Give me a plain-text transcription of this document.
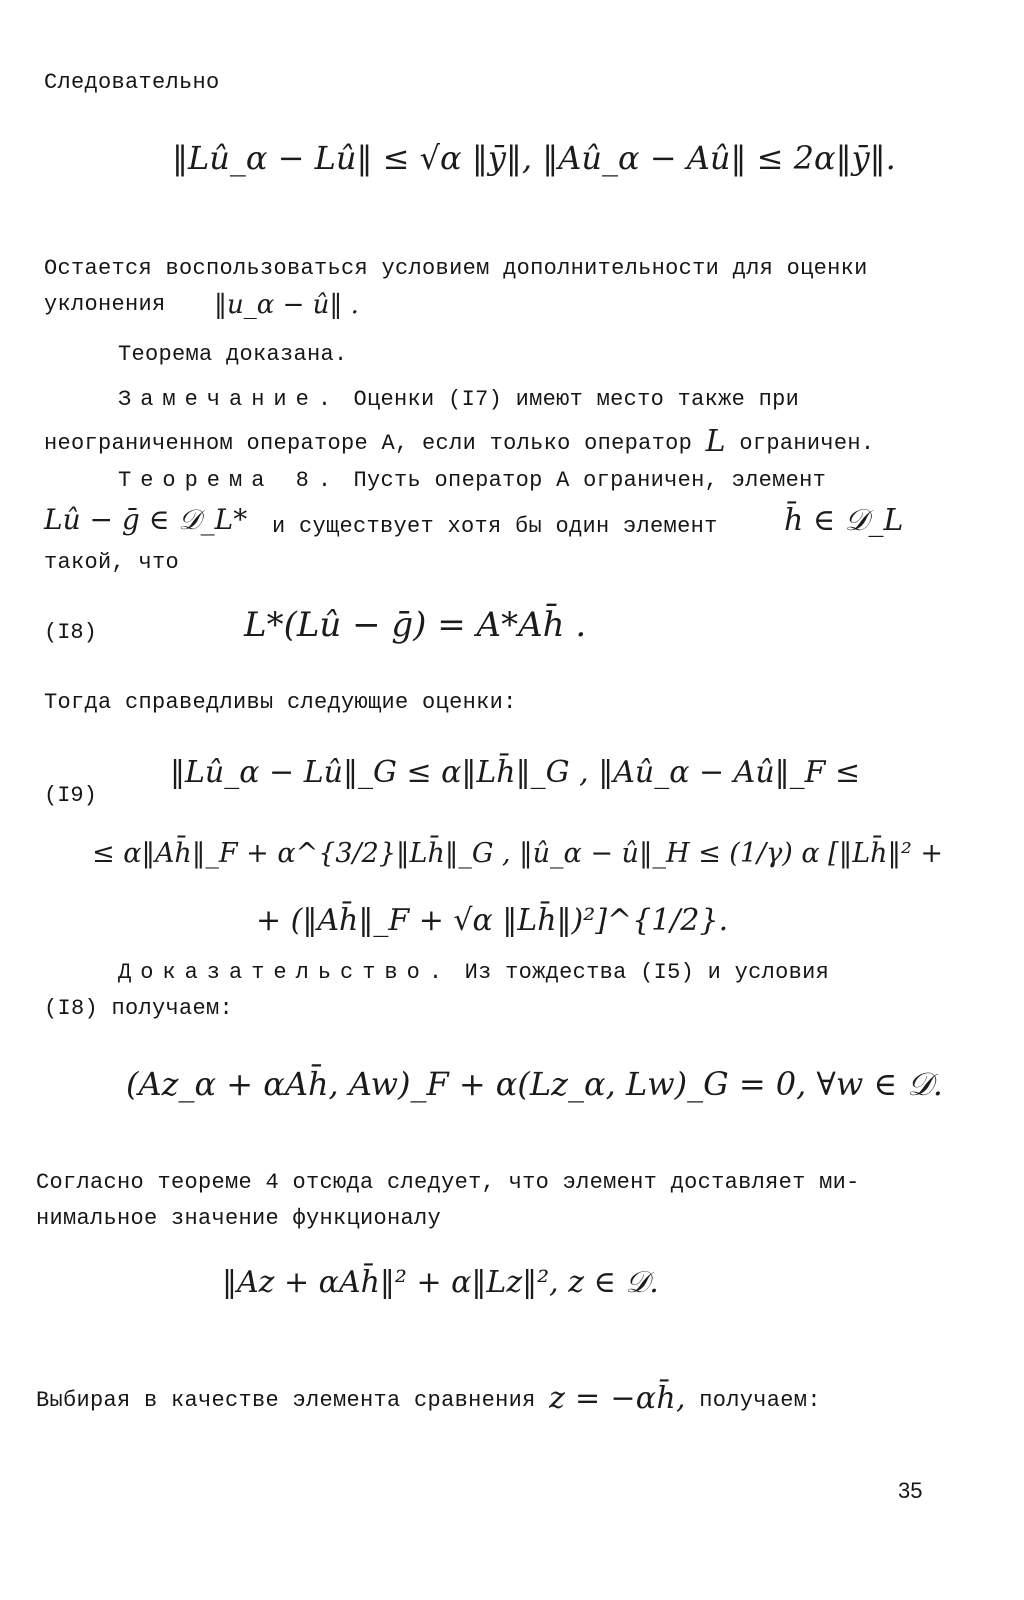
Следовательно
‖Lû_α − Lû‖ ≤ √α ‖ȳ‖, ‖Aû_α − Aû‖ ≤ 2α‖ȳ‖.
Остается воспользоваться условием дополнительности для оценки
уклонения ‖u_α − û‖ .
Теорема доказана.
Замечание. Оценки (I7) имеют место также при
неограниченном операторе А, если только оператор L ограничен.
Теорема 8. Пусть оператор А ограничен, элемент
Lû − ḡ ∈ 𝒟_L* и существует хотя бы один элемент h̄ ∈ 𝒟_L
такой, что
(I8)	L*(Lû − ḡ) = A*Ah̄ .
Тогда справедливы следующие оценки:
(I9)
‖Lû_α − Lû‖_G ≤ α‖Lh̄‖_G , ‖Aû_α − Aû‖_F ≤
≤ α‖Ah̄‖_F + α^{3/2}‖Lh̄‖_G , ‖û_α − û‖_H ≤ (1/γ) α [‖Lh̄‖² +
+ (‖Ah̄‖_F + √α ‖Lh̄‖)²]^{1/2}.
Доказательство. Из тождества (I5) и условия
(I8) получаем:
(Az_α + αAh̄, Aw)_F + α(Lz_α, Lw)_G = 0, ∀w ∈ 𝒟.
Согласно теореме 4 отсюда следует, что элемент доставляет ми-
нимальное значение функционалу
‖Az + αAh̄‖² + α‖Lz‖², z ∈ 𝒟.
Выбирая в качестве элемента сравнения z = −αh̄, получаем:
35
